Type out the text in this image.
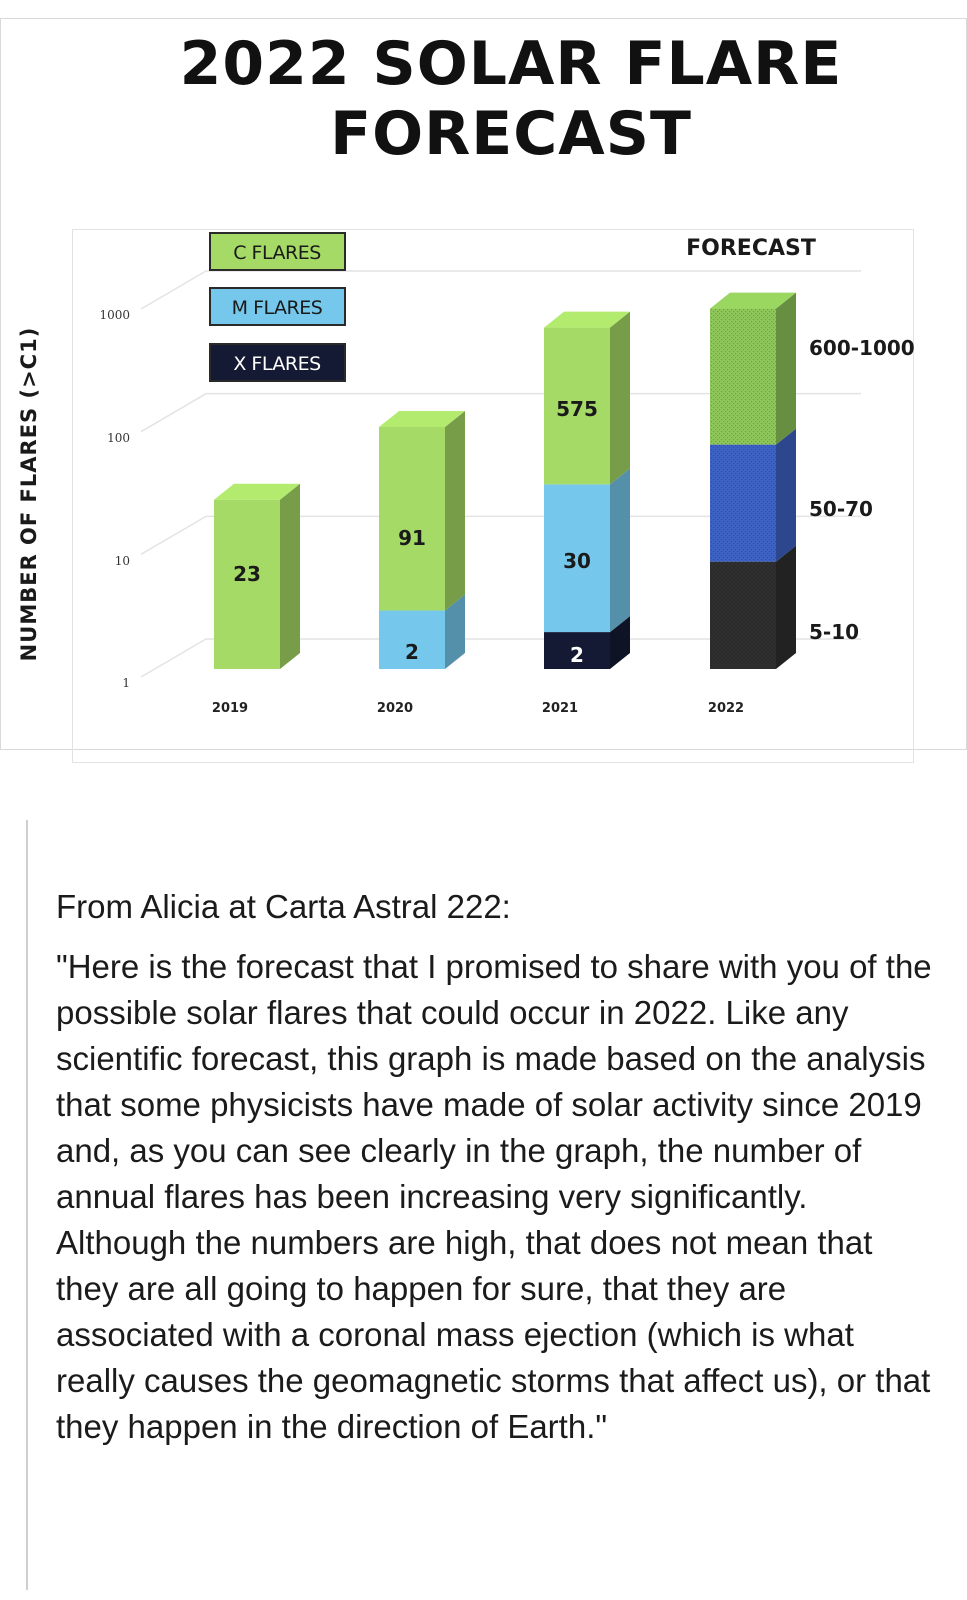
2022 SOLAR FLARE FORECAST
NUMBER OF FLARES (>C1)
1
10
100
1000
2019	2020	2021	2022
23
2
91
2
30
575
5-10
50-70
600-1000
FORECAST
C FLARES
M FLARES
X FLARES

From Alicia at Carta Astral 222:

"Here is the forecast that I promised to share with you of the possible solar flares that could occur in 2022. Like any scientific forecast, this graph is made based on the analysis that some physicists have made of solar activity since 2019 and, as you can see clearly in the graph, the number of annual flares has been increasing very significantly. Although the numbers are high, that does not mean that they are all going to happen for sure, that they are associated with a coronal mass ejection (which is what really causes the geomagnetic storms that affect us), or that they happen in the direction of Earth."
